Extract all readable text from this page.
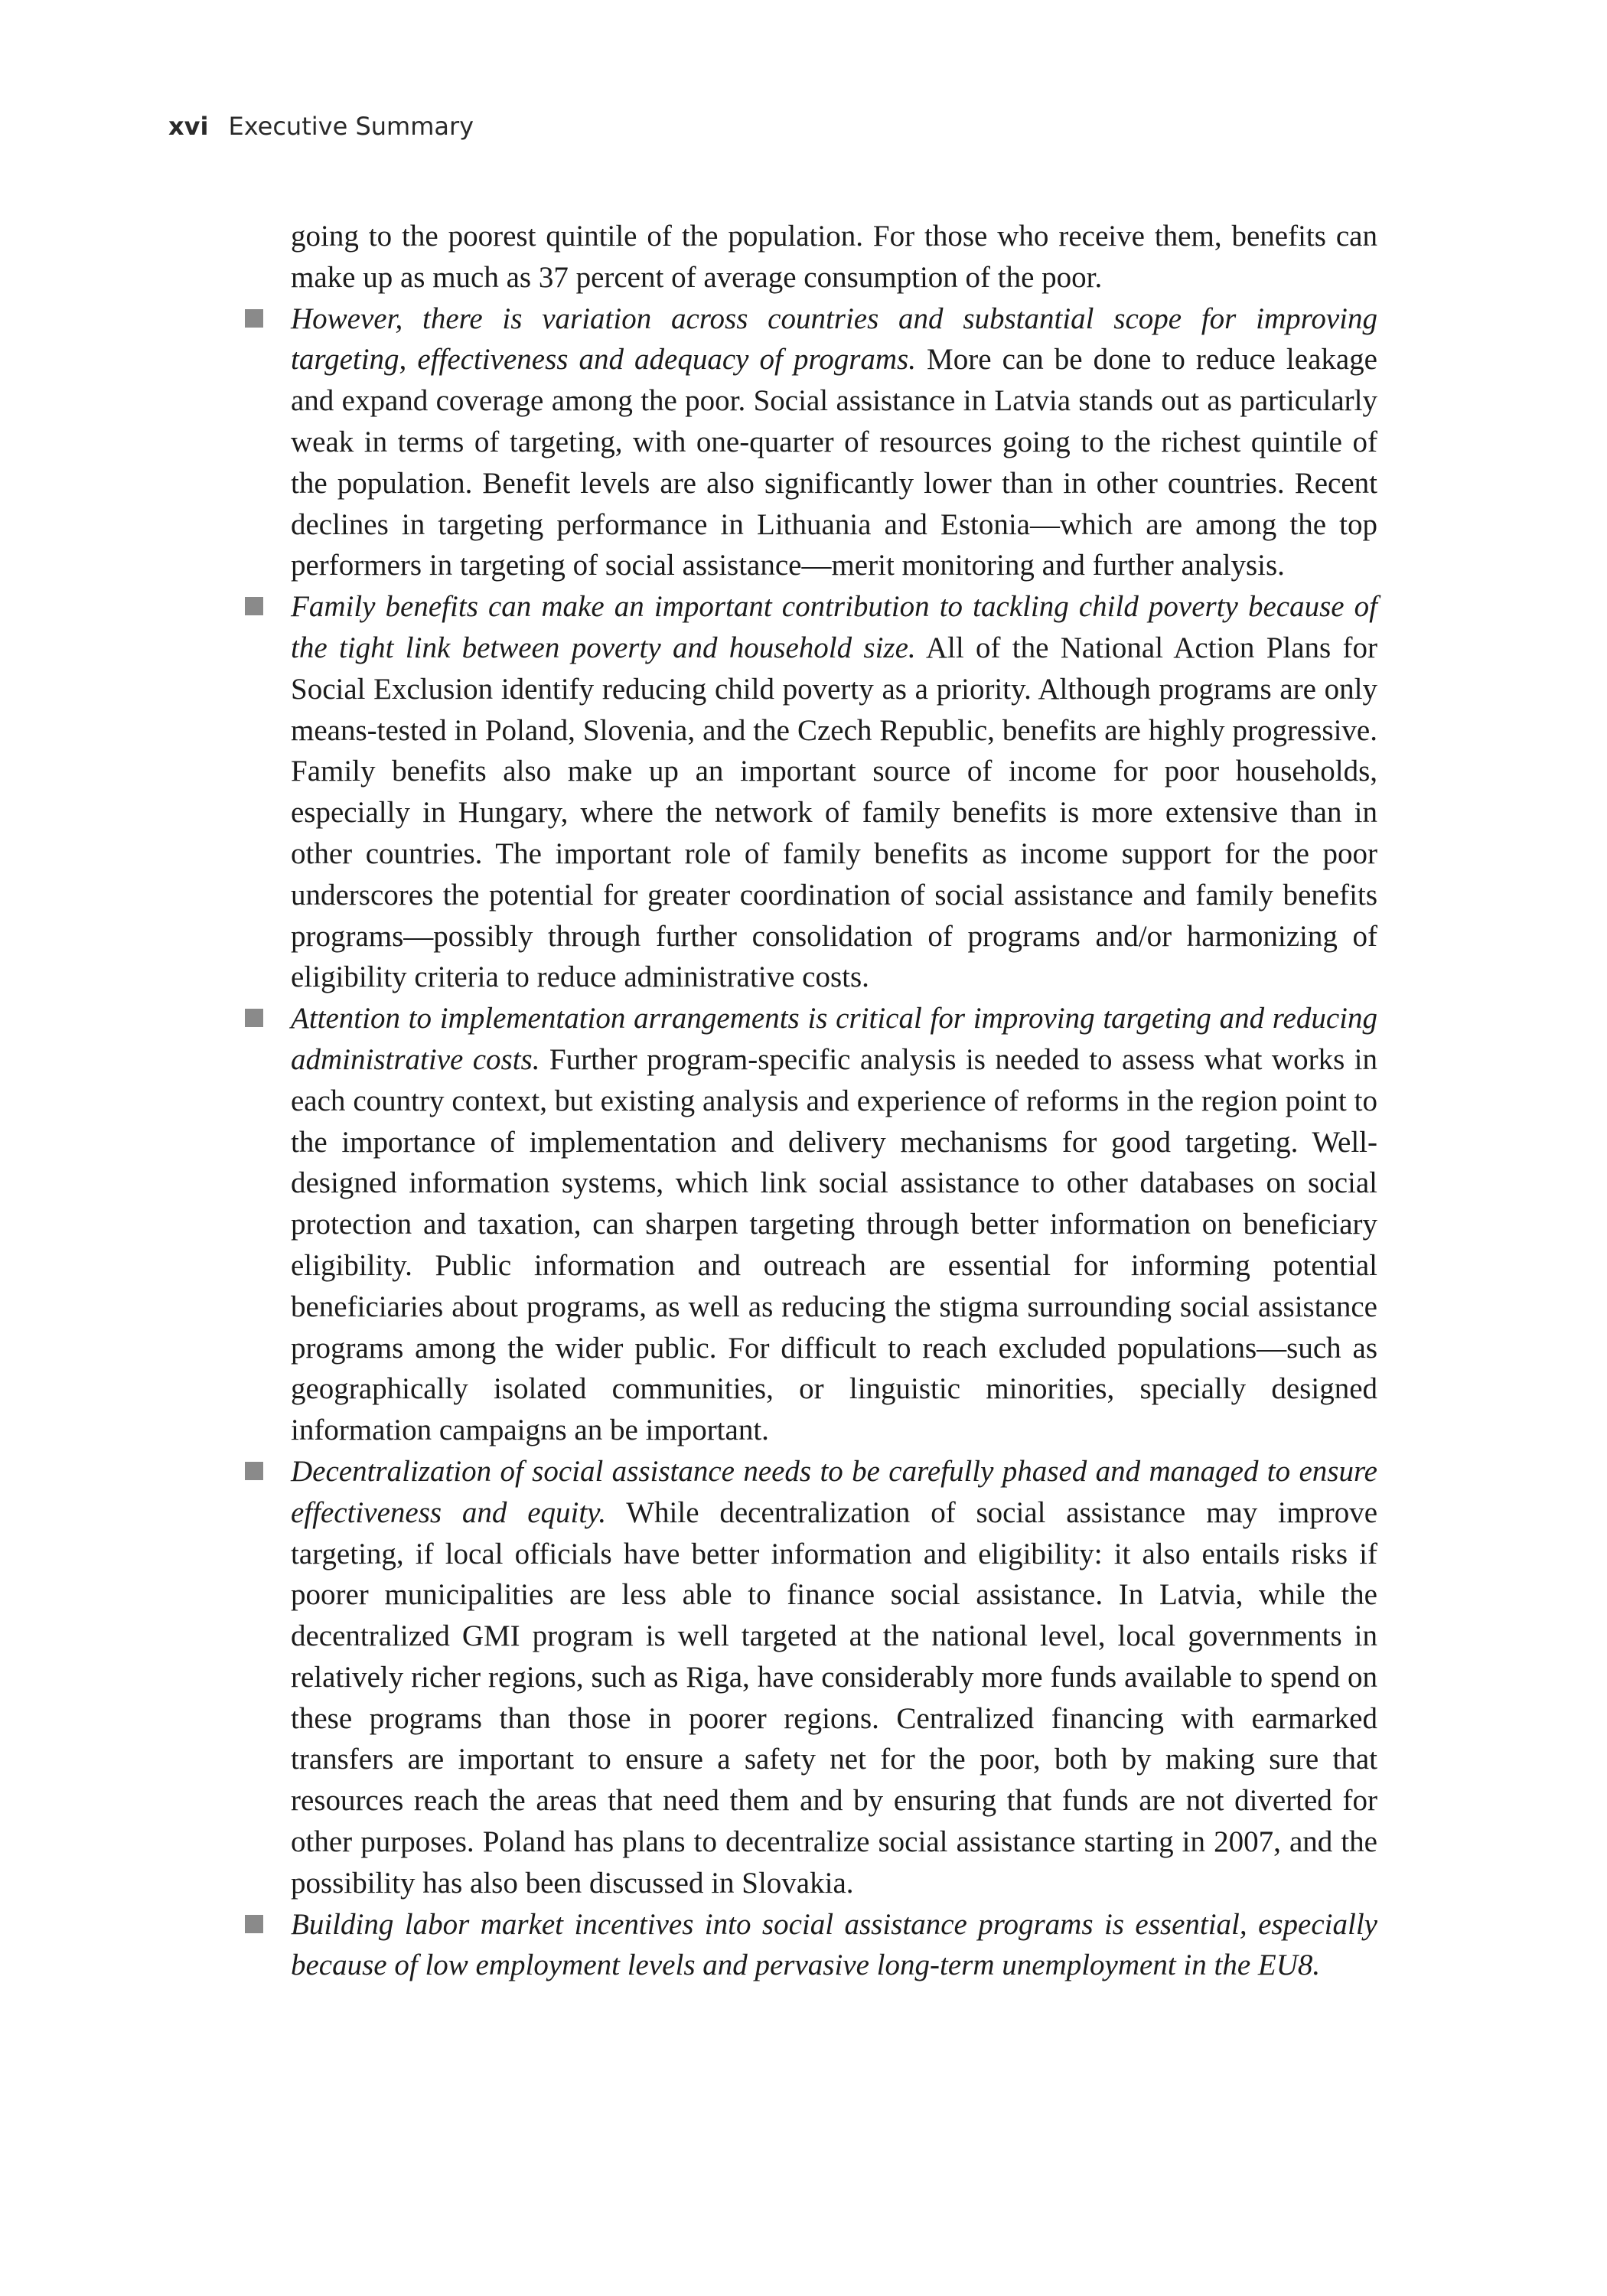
xvi Executive Summary

going to the poorest quintile of the population. For those who receive them, benefits can make up as much as 37 percent of average consumption of the poor.

However, there is variation across countries and substantial scope for improving targeting, effectiveness and adequacy of programs. More can be done to reduce leakage and expand coverage among the poor. Social assistance in Latvia stands out as particularly weak in terms of targeting, with one-quarter of resources going to the richest quintile of the population. Benefit levels are also significantly lower than in other countries. Recent declines in targeting performance in Lithuania and Estonia—which are among the top performers in targeting of social assistance—merit monitoring and further analysis.

Family benefits can make an important contribution to tackling child poverty because of the tight link between poverty and household size. All of the National Action Plans for Social Exclusion identify reducing child poverty as a priority. Although programs are only means-tested in Poland, Slovenia, and the Czech Republic, benefits are highly progressive. Family benefits also make up an important source of income for poor households, especially in Hungary, where the network of family benefits is more extensive than in other countries. The important role of family benefits as income support for the poor underscores the potential for greater coordination of social assistance and family benefits programs—possibly through further consolidation of programs and/or harmonizing of eligibility criteria to reduce administrative costs.

Attention to implementation arrangements is critical for improving targeting and reducing administrative costs. Further program-specific analysis is needed to assess what works in each country context, but existing analysis and experience of reforms in the region point to the importance of implementation and delivery mechanisms for good targeting. Well-designed information systems, which link social assistance to other databases on social protection and taxation, can sharpen targeting through better information on beneficiary eligibility. Public information and outreach are essential for informing potential beneficiaries about programs, as well as reducing the stigma surrounding social assistance programs among the wider public. For difficult to reach excluded populations—such as geographically isolated communities, or linguistic minorities, specially designed information campaigns an be important.

Decentralization of social assistance needs to be carefully phased and managed to ensure effectiveness and equity. While decentralization of social assistance may improve targeting, if local officials have better information and eligibility: it also entails risks if poorer municipalities are less able to finance social assistance. In Latvia, while the decentralized GMI program is well targeted at the national level, local governments in relatively richer regions, such as Riga, have considerably more funds available to spend on these programs than those in poorer regions. Centralized financing with earmarked transfers are important to ensure a safety net for the poor, both by making sure that resources reach the areas that need them and by ensuring that funds are not diverted for other purposes. Poland has plans to decentralize social assistance starting in 2007, and the possibility has also been discussed in Slovakia.

Building labor market incentives into social assistance programs is essential, especially because of low employment levels and pervasive long-term unemployment in the EU8.
